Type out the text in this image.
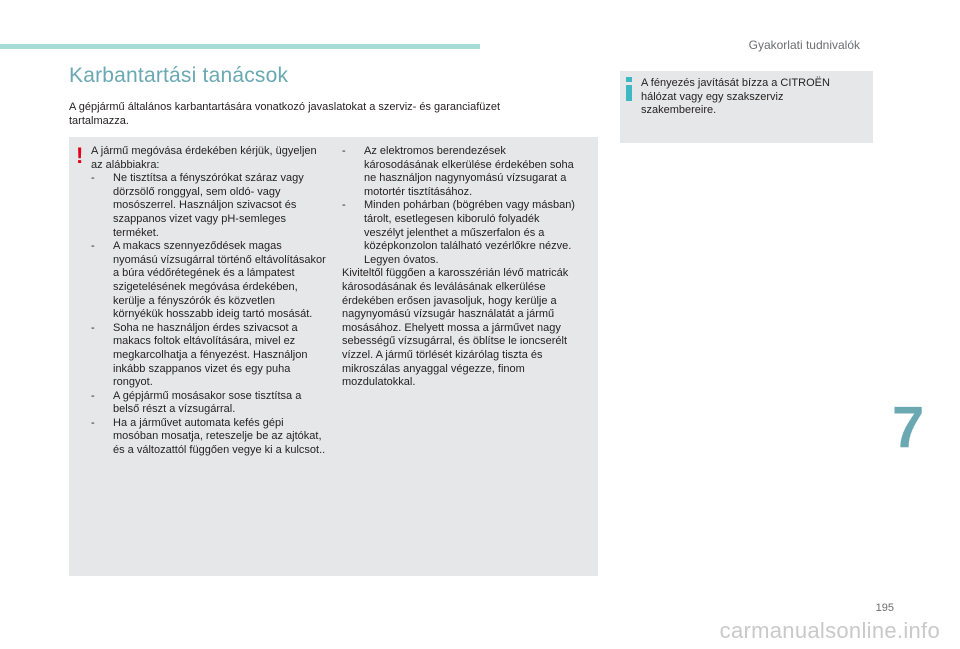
Gyakorlati tudnivalók
Karbantartási tanácsok

A gépjármű általános karbantartására vonatkozó javaslatokat a szerviz- és garanciafüzet tartalmazza.

! A jármű megóvása érdekében kérjük, ügyeljen az alábbiakra:

- Ne tisztítsa a fényszórókat száraz vagy dörzsölő ronggyal, sem oldó- vagy mosószerrel. Használjon szivacsot és szappanos vizet vagy pH-semleges terméket.

- A makacs szennyeződések magas nyomású vízsugárral történő eltávolításakor a búra védőrétegének és a lámpatest szigetelésének megóvása érdekében, kerülje a fényszórók és közvetlen környékük hosszabb ideig tartó mosását.

- Soha ne használjon érdes szivacsot a makacs foltok eltávolítására, mivel ez megkarcolhatja a fényezést. Használjon inkább szappanos vizet és egy puha rongyot.

- A gépjármű mosásakor sose tisztítsa a belső részt a vízsugárral.

- Ha a járművet automata kefés gépi mosóban mosatja, reteszelje be az ajtókat, és a változattól függően vegye ki a kulcsot..

- Az elektromos berendezések károsodásának elkerülése érdekében soha ne használjon nagynyomású vízsugarat a motortér tisztításához.

- Minden pohárban (bögrében vagy másban) tárolt, esetlegesen kiboruló folyadék veszélyt jelenthet a műszerfalon és a középkonzolon található vezérlőkre nézve. Legyen óvatos.

Kiviteltől függően a karosszérián lévő matricák károsodásának és leválásának elkerülése érdekében erősen javasoljuk, hogy kerülje a nagynyomású vízsugár használatát a jármű mosásához. Ehelyett mossa a járművet nagy sebességű vízsugárral, és öblítse le ioncserélt vízzel. A jármű törlését kizárólag tiszta és mikroszálas anyaggal végezze, finom mozdulatokkal.

A fényezés javítását bízza a CITROËN hálózat vagy egy szakszerviz szakembereire.

7
195
carmanualsonline.info
